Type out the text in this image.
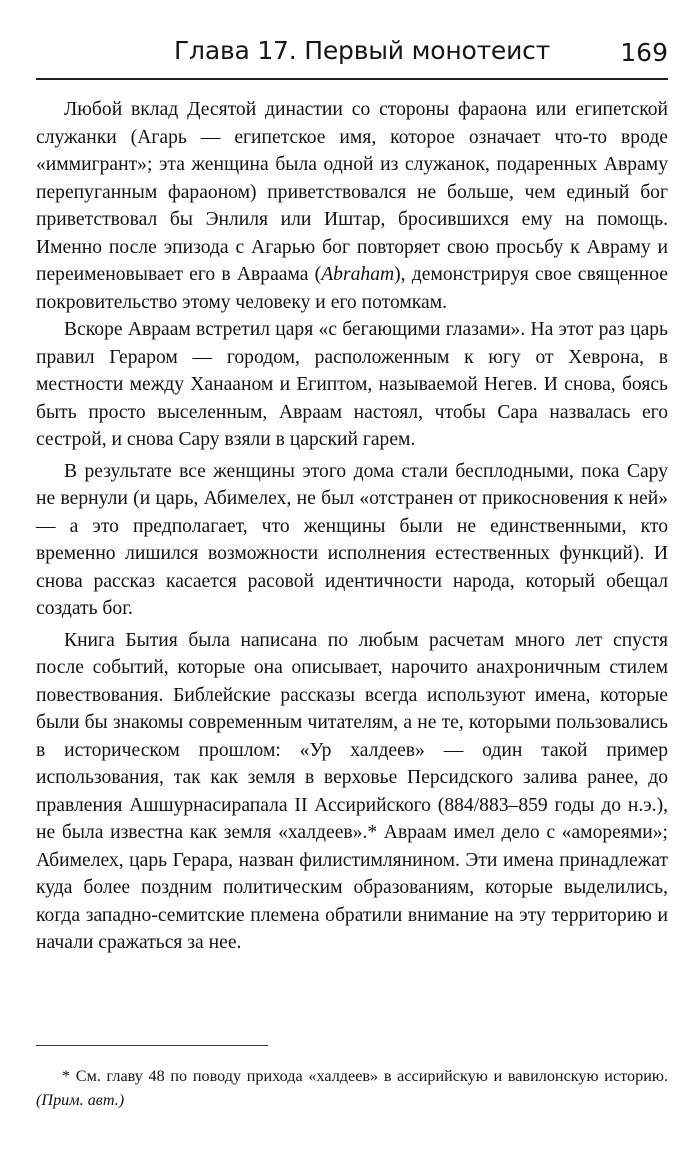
Глава 17. Первый монотеист	169

Любой вклад Десятой династии со стороны фараона или египетской служанки (Агарь — египетское имя, которое означает что-то вроде «иммигрант»; эта женщина была одной из служанок, подаренных Авраму перепуганным фараоном) приветствовался не больше, чем единый бог приветствовал бы Энлиля или Иштар, бросившихся ему на помощь. Именно после эпизода с Агарью бог повторяет свою просьбу к Авраму и переименовывает его в Авраама (Abraham), демонстрируя свое священное покровительство этому человеку и его потомкам.

Вскоре Авраам встретил царя «с бегающими глазами». На этот раз царь правил Гераром — городом, расположенным к югу от Хеврона, в местности между Ханааном и Египтом, называемой Негев. И снова, боясь быть просто выселенным, Авраам настоял, чтобы Сара назвалась его сестрой, и снова Сару взяли в царский гарем.

В результате все женщины этого дома стали бесплодными, пока Сару не вернули (и царь, Абимелех, не был «отстранен от прикосновения к ней» — а это предполагает, что женщины были не единственными, кто временно лишился возможности исполнения естественных функций). И снова рассказ касается расовой идентичности народа, который обещал создать бог.

Книга Бытия была написана по любым расчетам много лет спустя после событий, которые она описывает, нарочито анахроничным стилем повествования. Библейские рассказы всегда используют имена, которые были бы знакомы современным читателям, а не те, которыми пользовались в историческом прошлом: «Ур халдеев» — один такой пример использования, так как земля в верховье Персидского залива ранее, до правления Ашшурнасирапала II Ассирийского (884/883–859 годы до н.э.), не была известна как земля «халдеев».* Авраам имел дело с «амореями»; Абимелех, царь Герара, назван филистимлянином. Эти имена принадлежат куда более поздним политическим образованиям, которые выделились, когда западно-семитские племена обратили внимание на эту территорию и начали сражаться за нее.

* См. главу 48 по поводу прихода «халдеев» в ассирийскую и вавилонскую историю. (Прим. авт.)
